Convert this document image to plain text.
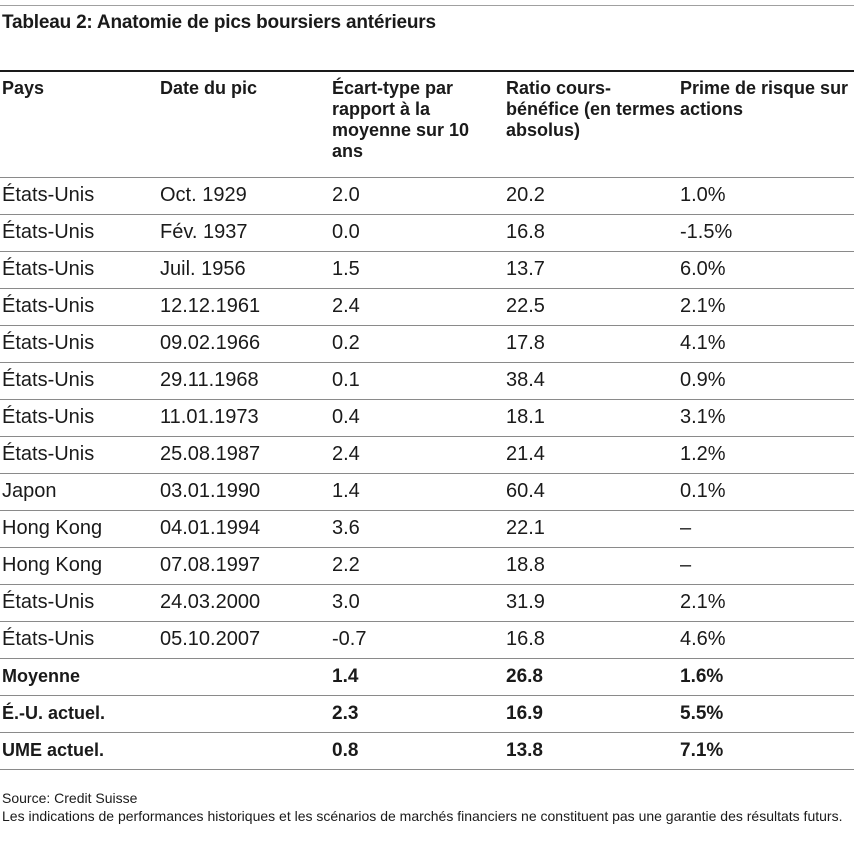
Tableau 2: Anatomie de pics boursiers antérieurs
Pays	Date du pic	Écart-type par rapport à la moyenne sur 10 ans	Ratio cours-bénéfice (en termes absolus)	Prime de risque sur actions
États-Unis	Oct. 1929	2.0	20.2	1.0%
États-Unis	Fév. 1937	0.0	16.8	-1.5%
États-Unis	Juil. 1956	1.5	13.7	6.0%
États-Unis	12.12.1961	2.4	22.5	2.1%
États-Unis	09.02.1966	0.2	17.8	4.1%
États-Unis	29.11.1968	0.1	38.4	0.9%
États-Unis	11.01.1973	0.4	18.1	3.1%
États-Unis	25.08.1987	2.4	21.4	1.2%
Japon	03.01.1990	1.4	60.4	0.1%
Hong Kong	04.01.1994	3.6	22.1	–
Hong Kong	07.08.1997	2.2	18.8	–
États-Unis	24.03.2000	3.0	31.9	2.1%
États-Unis	05.10.2007	-0.7	16.8	4.6%
Moyenne		1.4	26.8	1.6%
É.-U. actuel.		2.3	16.9	5.5%
UME actuel.		0.8	13.8	7.1%
Source: Credit Suisse
Les indications de performances historiques et les scénarios de marchés financiers ne constituent pas une garantie des résultats futurs.
